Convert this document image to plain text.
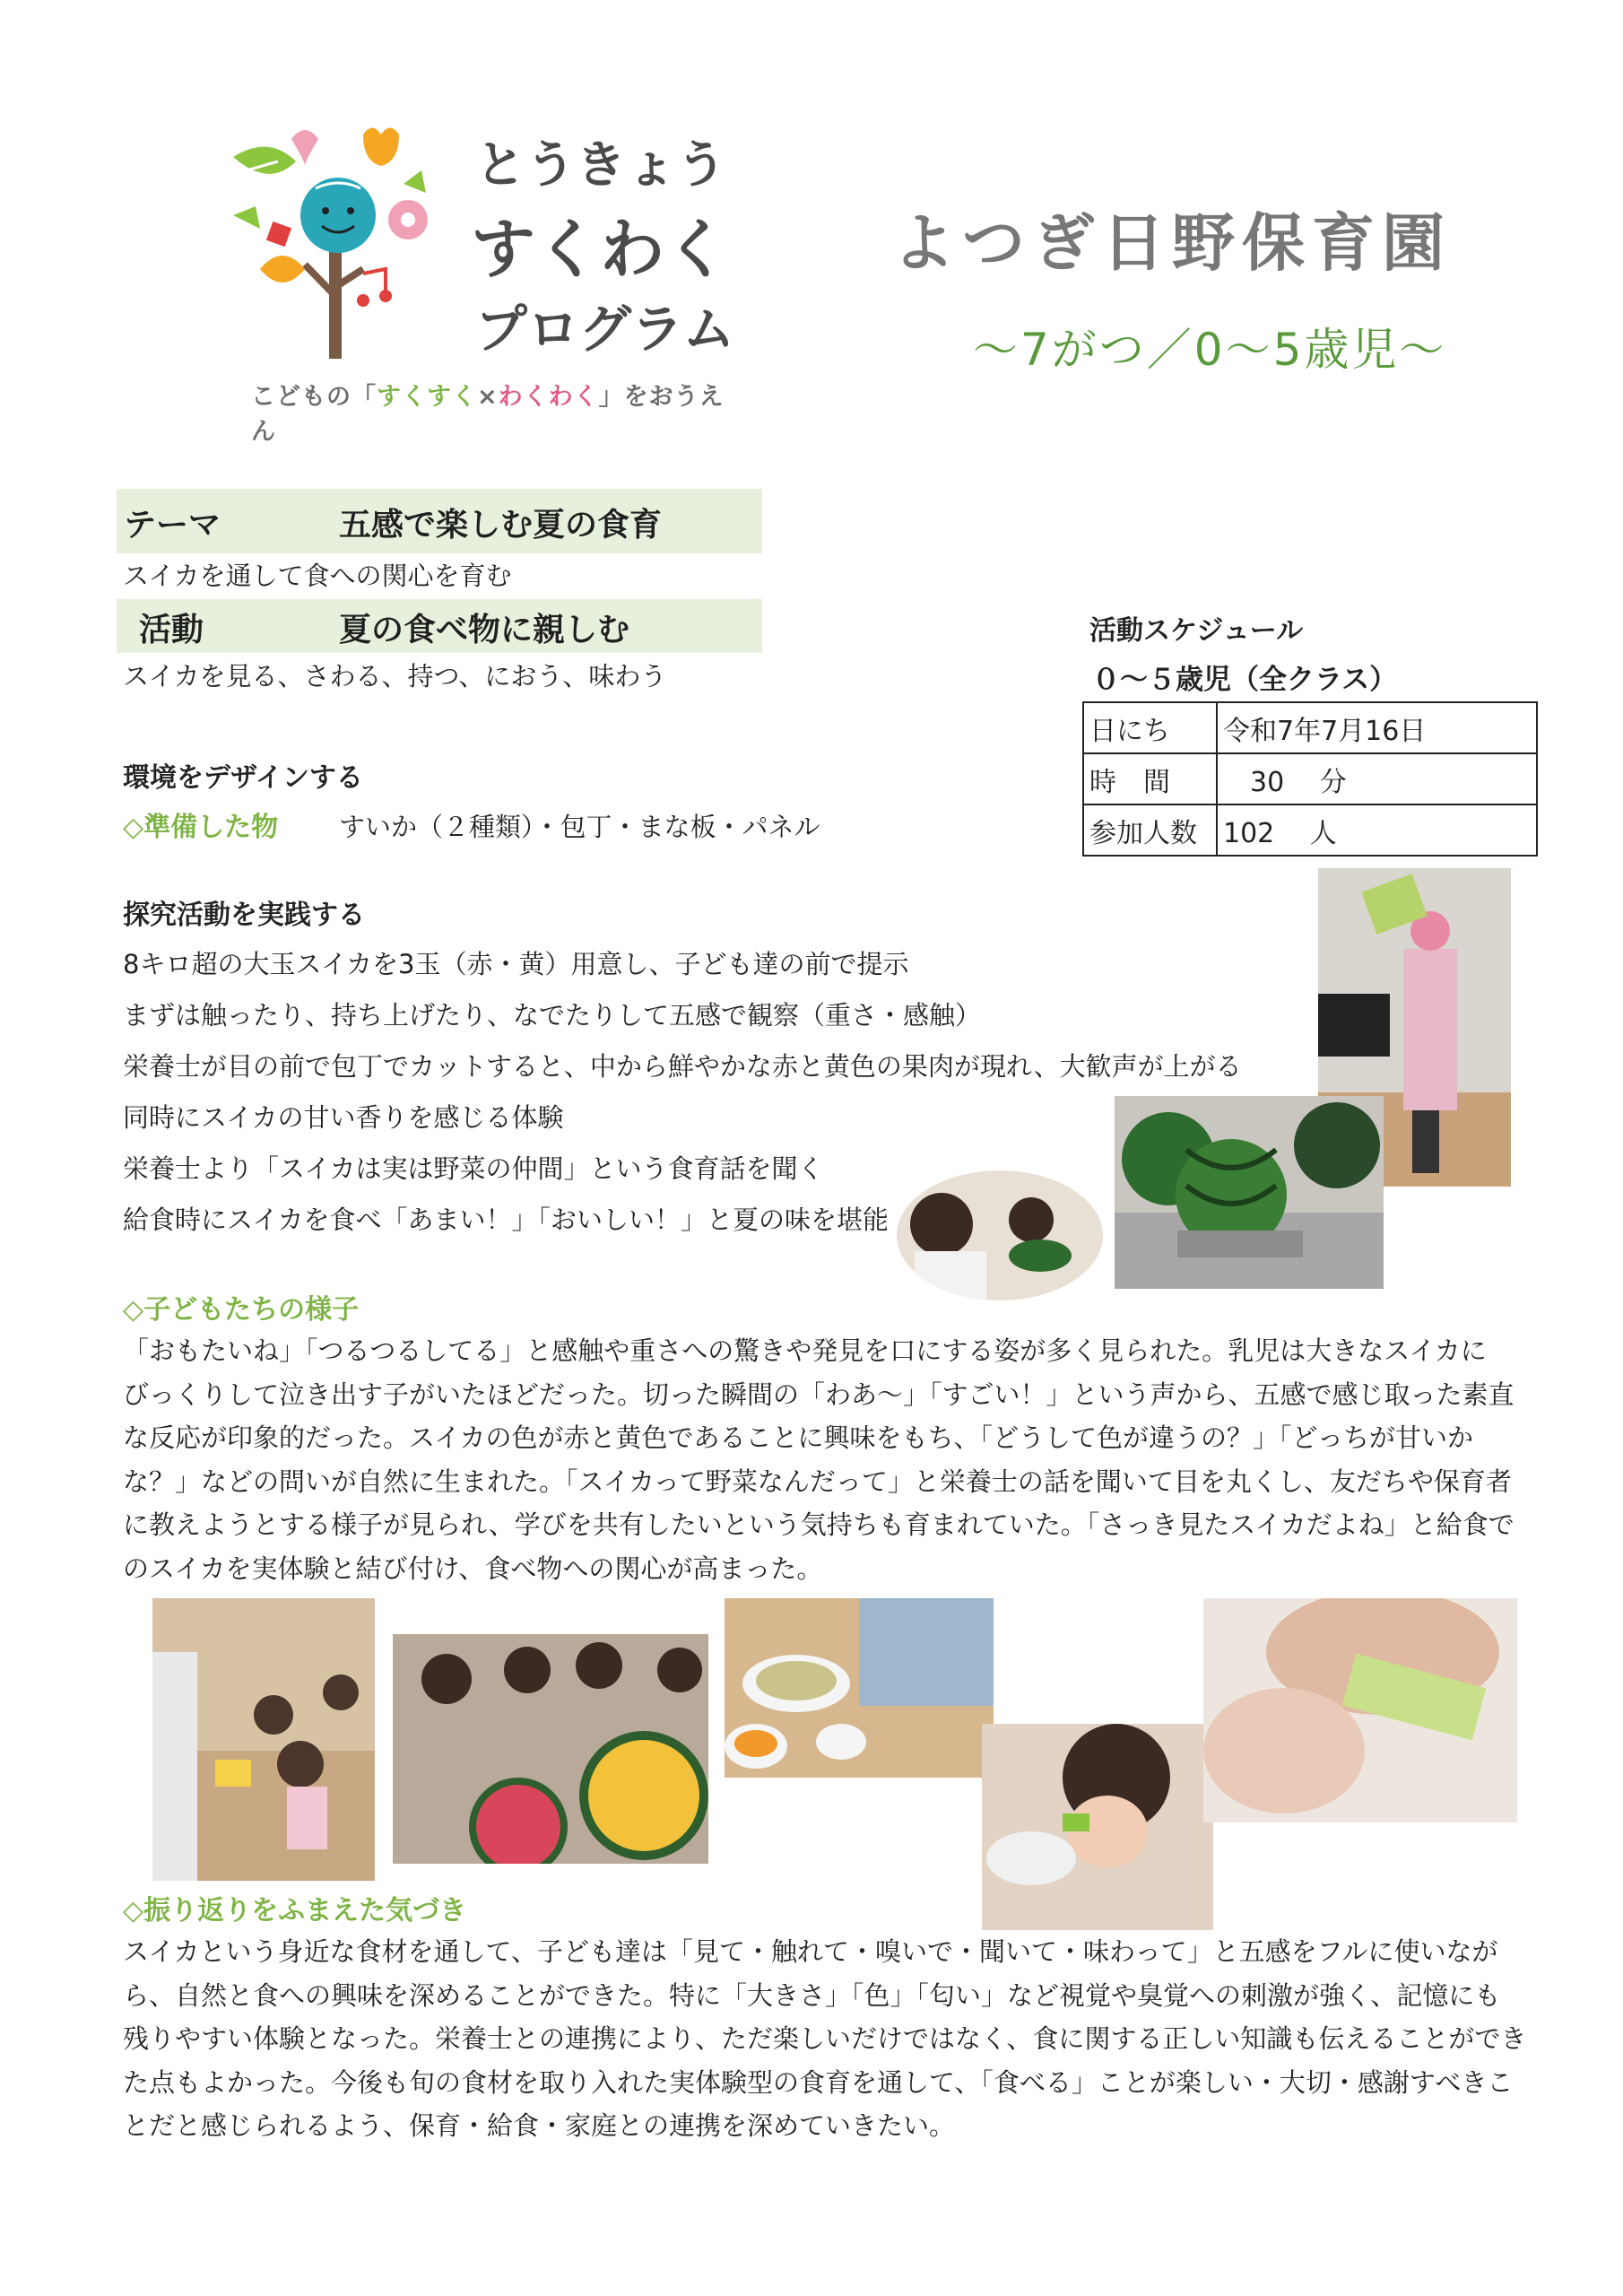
とうきょう
すくわく
プログラム
こどもの「すくすく×わくわく」をおうえん
よつぎ日野保育園
～7がつ／0～5歳児～
テーマ	五感で楽しむ夏の食育
スイカを通して食への関心を育む
活動	夏の食べ物に親しむ
スイカを見る、さわる、持つ、におう、味わう
活動スケジュール
０～５歳児（全クラス）
日にち	令和7年7月16日
時　間	　30　 分
参加人数	102 　人
環境をデザインする
◇準備した物 すいか（２種類）・包丁・まな板・パネル
探究活動を実践する
8キロ超の大玉スイカを3玉（赤・黄）用意し、子ども達の前で提示
まずは触ったり、持ち上げたり、なでたりして五感で観察（重さ・感触）
栄養士が目の前で包丁でカットすると、中から鮮やかな赤と黄色の果肉が現れ、大歓声が上がる
同時にスイカの甘い香りを感じる体験
栄養士より「スイカは実は野菜の仲間」という食育話を聞く
給食時にスイカを食べ「あまい！」「おいしい！」と夏の味を堪能
◇子どもたちの様子
「おもたいね」「つるつるしてる」と感触や重さへの驚きや発見を口にする姿が多く見られた。乳児は大きなスイカに
びっくりして泣き出す子がいたほどだった。切った瞬間の「わあ～」「すごい！」という声から、五感で感じ取った素直
な反応が印象的だった。スイカの色が赤と黄色であることに興味をもち、「どうして色が違うの？」「どっちが甘いか
な？」などの問いが自然に生まれた。「スイカって野菜なんだって」と栄養士の話を聞いて目を丸くし、友だちや保育者
に教えようとする様子が見られ、学びを共有したいという気持ちも育まれていた。「さっき見たスイカだよね」と給食で
のスイカを実体験と結び付け、食べ物への関心が高まった。
◇振り返りをふまえた気づき
スイカという身近な食材を通して、子ども達は「見て・触れて・嗅いで・聞いて・味わって」と五感をフルに使いなが
ら、自然と食への興味を深めることができた。特に「大きさ」「色」「匂い」など視覚や臭覚への刺激が強く、記憶にも
残りやすい体験となった。栄養士との連携により、ただ楽しいだけではなく、食に関する正しい知識も伝えることができ
た点もよかった。今後も旬の食材を取り入れた実体験型の食育を通して、「食べる」ことが楽しい・大切・感謝すべきこ
とだと感じられるよう、保育・給食・家庭との連携を深めていきたい。
